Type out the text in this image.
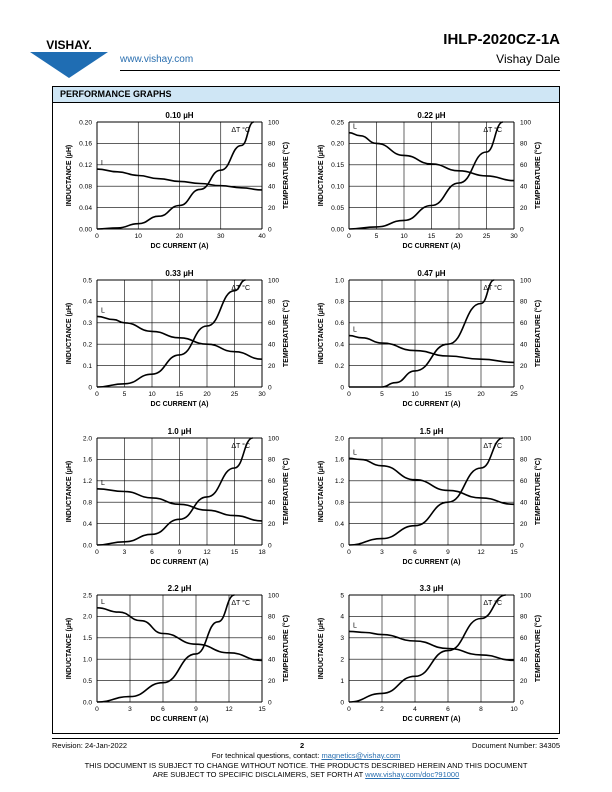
VISHAY.
www.vishay.com
IHLP-2020CZ-1A
Vishay Dale
PERFORMANCE GRAPHS
0.10 µH
0	10	20	30	40
0.00	0
0.04	20
0.08	40
0.12	60
0.16	80
0.20	100
DC CURRENT (A)
INDUCTANCE (µH)	TEMPERATURE (°C)
L
ΔT °C
0.22 µH
0	5	10	15	20	25	30
0.00	0
0.05	20
0.10	40
0.15	60
0.20	80
0.25	100
DC CURRENT (A)
INDUCTANCE (µH)	TEMPERATURE (°C)
L	ΔT °C
0.33 µH
0	5	10	15	20	25	30
0	0
0.1	20
0.2	40
0.3	60
0.4	80
0.5	100
DC CURRENT (A)
INDUCTANCE (µH)	TEMPERATURE (°C)
L
ΔT °C
0.47 µH
0	5	10	15	20	25
0	0
0.2	20
0.4	40
0.6	60
0.8	80
1.0	100
DC CURRENT (A)
INDUCTANCE (µH)	TEMPERATURE (°C)
L
ΔT °C
1.0 µH
0	3	6	9	12	15	18
0.0	0
0.4	20
0.8	40
1.2	60
1.6	80
2.0	100
DC CURRENT (A)
INDUCTANCE (µH)	TEMPERATURE (°C)
L
ΔT °C
1.5 µH
0	3	6	9	12	15
0	0
0.4	20
0.8	40
1.2	60
1.6	80
2.0	100
DC CURRENT (A)
INDUCTANCE (µH)	TEMPERATURE (°C)
L
ΔT °C
2.2 µH
0	3	6	9	12	15
0.0	0
0.5	20
1.0	40
1.5	60
2.0	80
2.5	100
DC CURRENT (A)
INDUCTANCE (µH)	TEMPERATURE (°C)
L	ΔT °C
3.3 µH
0	2	4	6	8	10
0	0
1	20
2	40
3	60
4	80
5	100
DC CURRENT (A)
INDUCTANCE (µH)	TEMPERATURE (°C)
L
ΔT °C
Revision: 24-Jan-2022	2	Document Number: 34305
For technical questions, contact: magnetics@vishay.com
THIS DOCUMENT IS SUBJECT TO CHANGE WITHOUT NOTICE. THE PRODUCTS DESCRIBED HEREIN AND THIS DOCUMENT
ARE SUBJECT TO SPECIFIC DISCLAIMERS, SET FORTH AT www.vishay.com/doc?91000
